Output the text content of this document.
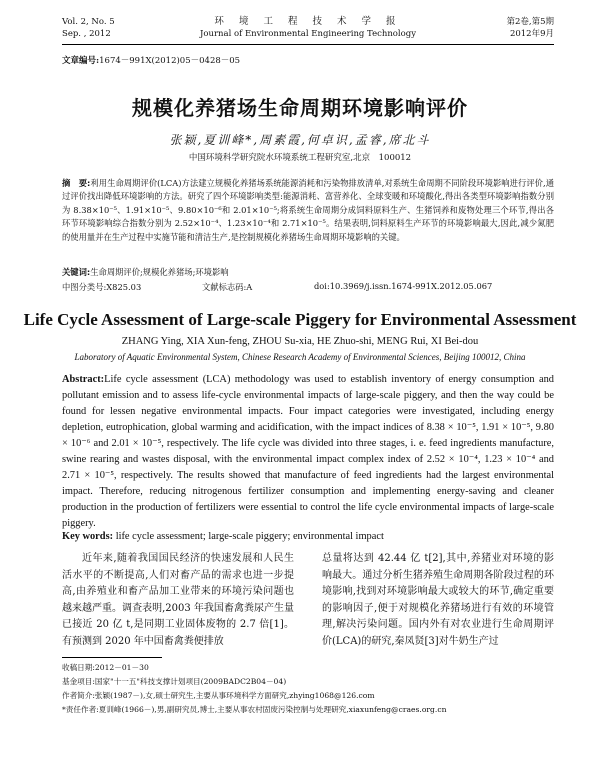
Vol. 2, No. 5
Sep. , 2012
环 境 工 程 技 术 学 报
Journal of Environmental Engineering Technology
第2卷,第5期
2012年9月
文章编号:1674－991X(2012)05－0428－05
规模化养猪场生命周期环境影响评价
张颖,夏训峰*,周素霞,何卓识,孟睿,席北斗
中国环境科学研究院水环境系统工程研究室,北京　100012
摘　要:利用生命周期评价(LCA)方法建立规模化养猪场系统能源消耗和污染物排放清单,对系统生命周期不同阶段环境影响进行评价,通过评价找出降低环境影响的方法。研究了四个环境影响类型:能源消耗、富营养化、全球变暖和环境酸化,得出各类型环境影响指数分别为 8.38×10⁻⁵、1.91×10⁻⁵、9.80×10⁻⁶和 2.01×10⁻⁵;将系统生命周期分成饲料原料生产、生猪饲养和废物处理三个环节,得出各环节环境影响综合指数分别为 2.52×10⁻⁴、1.23×10⁻⁴和 2.71×10⁻⁵。结果表明,饲料原料生产环节的环境影响最大,因此,减少氮肥的使用量并在生产过程中实施节能和清洁生产,是控制规模化养猪场生命周期环境影响的关键。
关键词:生命周期评价;规模化养猪场;环境影响
中图分类号:X825.03	文献标志码:A	doi:10.3969/j.issn.1674-991X.2012.05.067
Life Cycle Assessment of Large-scale Piggery for Environmental Assessment
ZHANG Ying, XIA Xun-feng, ZHOU Su-xia, HE Zhuo-shi, MENG Rui, XI Bei-dou
Laboratory of Aquatic Environmental System, Chinese Research Academy of Environmental Sciences, Beijing 100012, China
Abstract:Life cycle assessment (LCA) methodology was used to establish inventory of energy consumption and pollutant emission and to assess life-cycle environmental impacts of large-scale piggery, and then the way could be found for lessen negative environmental impacts. Four impact categories were investigated, including energy depletion, eutrophication, global warming and acidification, with the impact indices of 8.38 × 10⁻⁵, 1.91 × 10⁻⁵, 9.80 × 10⁻⁶ and 2.01 × 10⁻⁵, respectively. The life cycle was divided into three stages, i. e. feed ingredients manufacture, swine rearing and wastes disposal, with the environmental impact complex index of 2.52 × 10⁻⁴, 1.23 × 10⁻⁴ and 2.71 × 10⁻⁵, respectively. The results showed that manufacture of feed ingredients had the largest environmental impact. Therefore, reducing nitrogenous fertilizer consumption and implementing energy-saving and cleaner production in the production of fertilizers were essential to control the life cycle environmental impacts of large-scale piggery.
Key words: life cycle assessment; large-scale piggery; environmental impact
近年来,随着我国国民经济的快速发展和人民生活水平的不断提高,人们对畜产品的需求也进一步提高,由养殖业和畜产品加工业带来的环境污染问题也越来越严重。调查表明,2003 年我国畜禽粪尿产生量已接近 20 亿 t,是同期工业固体废物的 2.7 倍[1]。有预测到 2020 年中国畜禽粪便排放
总量将达到 42.44 亿 t[2],其中,养猪业对环境的影响最大。通过分析生猪养殖生命周期各阶段过程的环境影响,找到对环境影响最大或较大的环节,确定重要的影响因子,便于对规模化养猪场进行有效的环境管理,解决污染问题。国内外有对农业进行生命周期评价(LCA)的研究,秦凤贤[3]对牛奶生产过
收稿日期:2012－01－30
基金项目:国家"十一五"科技支撑计划项目(2009BADC2B04－04)
作者简介:张颖(1987－),女,硕士研究生,主要从事环境科学方面研究,zhying1068@126.com
*责任作者:夏训峰(1966－),男,副研究员,博士,主要从事农村固废污染控制与处理研究,xiaxunfeng@craes.org.cn
